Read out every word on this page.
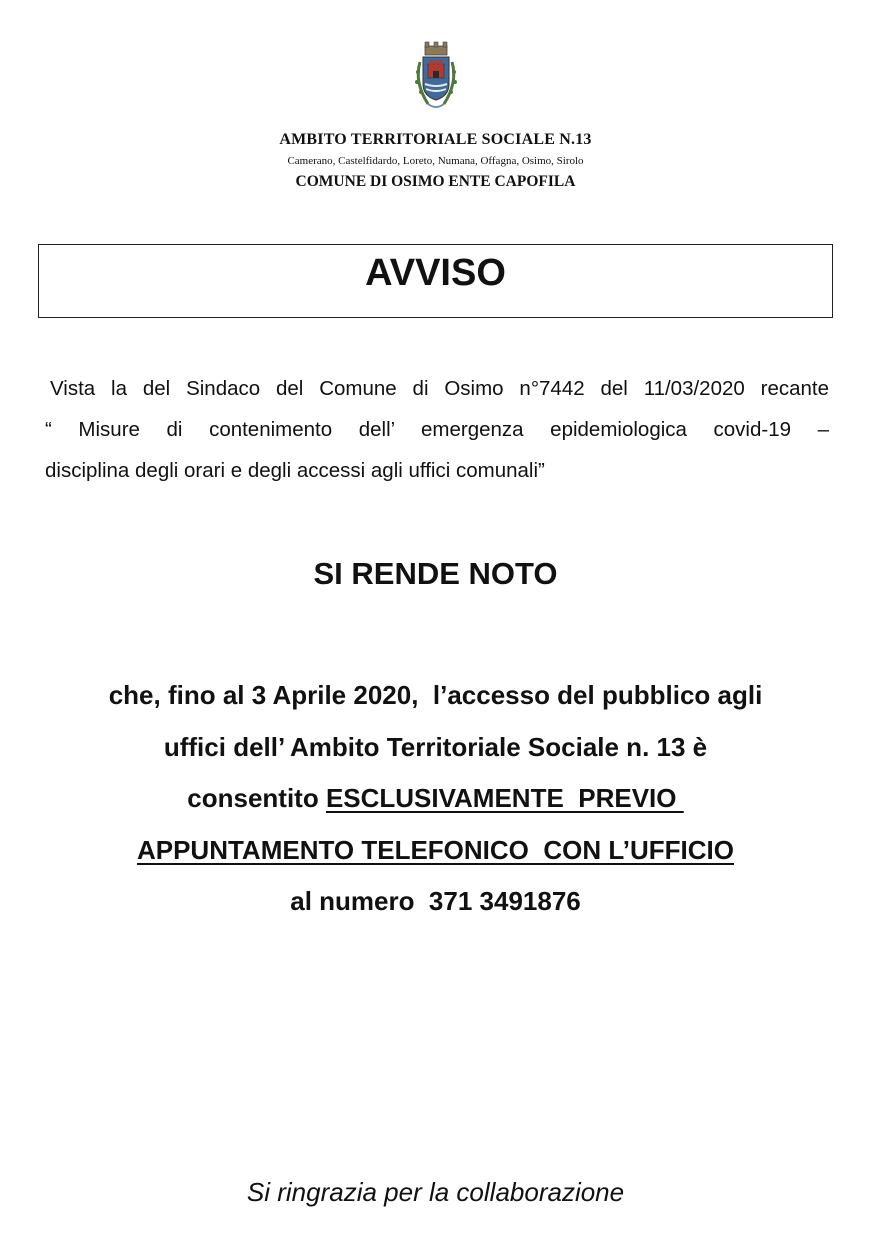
AMBITO TERRITORIALE SOCIALE N.13
Camerano, Castelfidardo, Loreto, Numana, Offagna, Osimo, Sirolo
COMUNE DI OSIMO ENTE CAPOFILA
AVVISO
Vista la del Sindaco del Comune di Osimo n°7442 del 11/03/2020 recante
“ Misure di contenimento dell’ emergenza epidemiologica covid-19 –
disciplina degli orari e degli accessi agli uffici comunali”
SI RENDE NOTO
che, fino al 3 Aprile 2020,  l’accesso del pubblico agli
uffici dell’ Ambito Territoriale Sociale n. 13 è
consentito ESCLUSIVAMENTE  PREVIO
APPUNTAMENTO TELEFONICO  CON L’UFFICIO
al numero  371 3491876
Si ringrazia per la collaborazione
